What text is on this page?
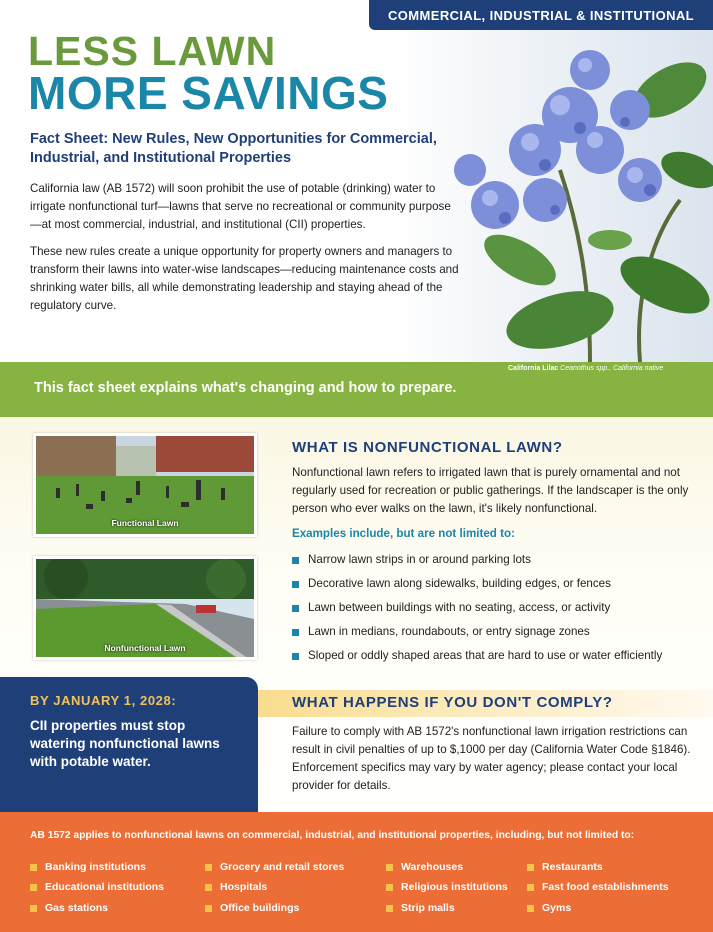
COMMERCIAL, INDUSTRIAL & INSTITUTIONAL
LESS LAWN
MORE SAVINGS
Fact Sheet: New Rules, New Opportunities for Commercial, Industrial, and Institutional Properties

California law (AB 1572) will soon prohibit the use of potable (drinking) water to irrigate nonfunctional turf—lawns that serve no recreational or community purpose—at most commercial, industrial, and institutional (CII) properties.

These new rules create a unique opportunity for property owners and managers to transform their lawns into water-wise landscapes—reducing maintenance costs and shrinking water bills, all while demonstrating leadership and staying ahead of the regulatory curve.

California Lilac Ceanothus spp., California native
This fact sheet explains what's changing and how to prepare.
Functional Lawn
Nonfunctional Lawn
WHAT IS NONFUNCTIONAL LAWN?
Nonfunctional lawn refers to irrigated lawn that is purely ornamental and not regularly used for recreation or public gatherings. If the landscaper is the only person who ever walks on the lawn, it's likely nonfunctional.
Examples include, but are not limited to:
Narrow lawn strips in or around parking lots
Decorative lawn along sidewalks, building edges, or fences
Lawn between buildings with no seating, access, or activity
Lawn in medians, roundabouts, or entry signage zones
Sloped or oddly shaped areas that are hard to use or water efficiently
BY JANUARY 1, 2028:
CII properties must stop watering nonfunctional lawns with potable water.
WHAT HAPPENS IF YOU DON'T COMPLY?
Failure to comply with AB 1572's nonfunctional lawn irrigation restrictions can result in civil penalties of up to $,1000 per day (California Water Code §1846). Enforcement specifics may vary by water agency; please contact your local provider for details.
AB 1572 applies to nonfunctional lawns on commercial, industrial, and institutional properties, including, but not limited to:
Banking institutions
Educational institutions
Gas stations
Grocery and retail stores
Hospitals
Office buildings
Warehouses
Religious institutions
Strip malls
Restaurants
Fast food establishments
Gyms
